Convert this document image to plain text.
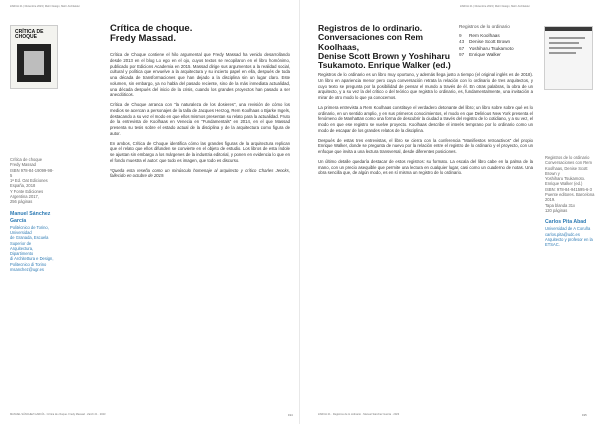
ZARCH 21 | Diciembre 2023 | Mehr Design, Mehr Architektur
CRÍTICA DE CHOQUE
Crítica de choque
Fredy Massad
ISBN 978-84-19099-98-5
1ª Ed. Oat Ediciones
España, 2018
Y Fonte Ediciones
Argentina 2017,
256 páginas
Manuel Sánchez García
Politécnico de Torino, Universidad
de Granada, Escuela
Superior de Arquitectura, Dipartimento
di Architettura e Design,
Politecnico di Torino
msanchez@ugr.es
Crítica de choque.
Fredy Massad.

Crítica de Choque contiene el hilo argumental que Fredy Massad ha venido desarrollando desde 2013 en el blog Lo ego en el ojo, cuyos textos se recopilaron en el libro homónimo, publicado por Edicions Academia en 2015. Massad dirige sus argumentos a la realidad social, cultural y política que envuelve a la arquitectura y su incierto papel en ella, después de toda una década de transformaciones que han dejado a la disciplina sin un lugar claro. Este volumen, sin embargo, ya no habla del pasado reciente, sino de la más inmediata actualidad, una década después del inicio de la crisis, cuando los grandes proyectos han pasado a ser anecdóticos.

Crítica de Choque arranca con "la naturaleza de los dosieres", una revisión de cómo los medios se acercan a personajes de la talla de Jacques Herzog, Rem Koolhaas o Bjarke Ingels, destacando a su vez el modo en que ellos mismos presentan su relato para la actualidad. Fruto de la entrevista de Koolhaas en Venecia en "Fundamentals" en 2014, en el que Massad presenta su tesis sobre el estado actual de la disciplina y de la arquitectura como figura de autor.

En ambos, Crítica de Choque identifica cómo las grandes figuras de la arquitectura replican que el relato que ellos difunden se convierte en el objeto de estudio. Los libros de esta índole se ajustan sin embargo a los márgenes de la industria editorial, y ponen en evidencia lo que en el fondo muestra el autor: que todo es imagen, que todo es discurso.

*Queda esta reseña como un minúsculo homenaje al arquitecto y crítico Charles Jencks, fallecido en octubre de 2019.

MANUEL SÁNCHEZ GARCÍA · Crítica de choque. Fredy Massad · Zarch 21 · 2023	194
ZARCH 21 | Diciembre 2023 | Mehr Design, Mehr Architektur
Registros de lo ordinario.
Conversaciones con Rem Koolhaas,
Denise Scott Brown y Yoshiharu
Tsukamoto. Enrique Walker (ed.)
Registros de lo ordinario
9 Rem Koolhaas
43 Denise Scott Brown
67 Yoshiharu Tsukamoto
97 Enrique Walker

Registros de lo ordinario es un libro muy oportuno, y además llega justo a tiempo (el original inglés es de 2018). Un libro en apariencia menor pero cuya conversación retrata la relación con lo ordinario de tres arquitectos, y cuyo texto se pregunta por la posibilidad de pensar el mundo a través de él. En otras palabras, la obra de un arquitecto, y a su vez la del crítico o del teórico que registra lo ordinario, es, fundamentalmente, una invitación a mirar de otro modo lo que ya conocemos.

La primera entrevista a Rem Koolhaas constituye el verdadero detonante del libro; un libro sobre sobre qué es lo ordinario, en un sentido amplio, y en sus primeros conocimientos, el modo en que Delirious New York presenta el fenómeno de Manhattan como una forma de descubrir la ciudad a través del registro de lo cotidiano, y a su vez, el modo en que ese registro se vuelve proyecto. Koolhaas describe el interés temprano por lo ordinario como un modo de escapar de los grandes relatos de la disciplina.

Después de estas tres entrevistas, el libro se cierra con la conferencia "Manifiestos retroactivos" del propio Enrique Walker, donde se pregunta de nuevo por la relación entre el registro de lo ordinario y el proyecto, con un enfoque que invita a una lectura transversal, desde diferentes posiciones.

Un último detalle quedaría destacar de estos registros: su formato. La escala del libro cabe en la palma de la mano, con un precio asequible que permite una lectura en cualquier lugar, casi como un cuaderno de notas. Una obra sencilla que, de algún modo, es en sí misma un registro de lo ordinario.

Registros de lo ordinario
Conversaciones con Rem
Koolhaas, Denise Scott Brown y
Yoshiharu Tsukamoto.
Enrique Walker (ed.)
ISBN: 978-84-941595-6-3
Puente editores. Barcelona 2019.
Tapa blanda 31x
120 páginas
Carlos Pita Abad
Universidad de A Coruña
carlos.pita@udc.es
Arquitecto y profesor en la ETSAC.
ZARCH 21 · Registros de lo ordinario · Manuel Sánchez García · 2023	195
